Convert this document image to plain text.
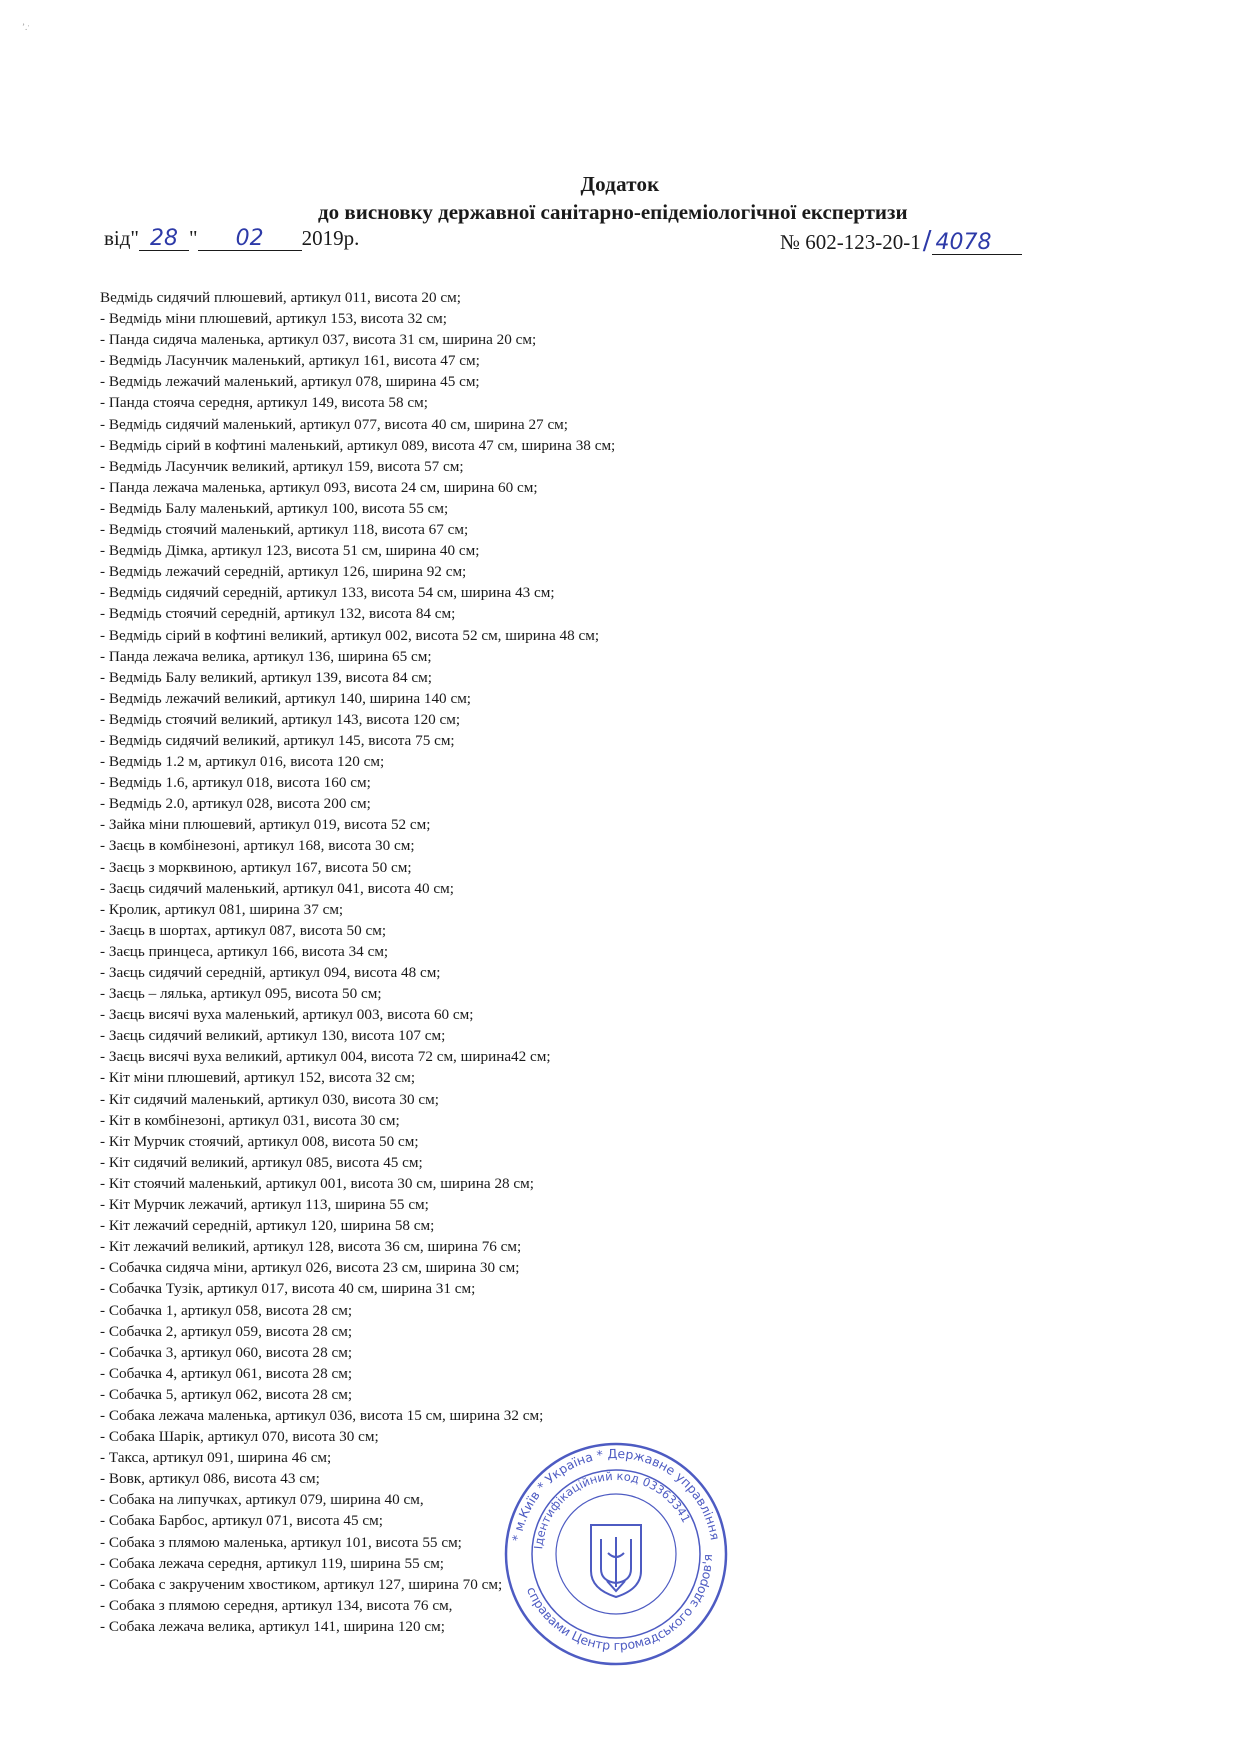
ʼ.ˑ
Додаток
до висновку державної санітарно-епідеміологічної експертизи
від" 28 " 02 2019р.	№ 602-123-20-1/ 4078
Ведмідь сидячий плюшевий, артикул 011, висота 20 см;
- Ведмідь міни плюшевий, артикул 153, висота 32 см;
- Панда сидяча маленька, артикул 037, висота 31 см, ширина 20 см;
- Ведмідь Ласунчик маленький, артикул 161, висота 47 см;
- Ведмідь лежачий маленький, артикул 078, ширина 45 см;
- Панда стояча середня, артикул 149, висота 58 см;
- Ведмідь сидячий маленький, артикул 077, висота 40 см, ширина 27 см;
- Ведмідь сірий в кофтині маленький, артикул 089, висота 47 см, ширина 38 см;
- Ведмідь Ласунчик великий, артикул 159, висота 57 см;
- Панда лежача маленька, артикул 093, висота 24 см, ширина 60 см;
- Ведмідь Балу маленький, артикул 100, висота 55 см;
- Ведмідь стоячий маленький, артикул 118, висота 67 см;
- Ведмідь Дімка, артикул 123, висота 51 см, ширина 40 см;
- Ведмідь лежачий середній, артикул 126, ширина 92 см;
- Ведмідь сидячий середній, артикул 133, висота 54 см, ширина 43 см;
- Ведмідь стоячий середній, артикул 132, висота 84 см;
- Ведмідь сірий в кофтині великий, артикул 002, висота 52 см, ширина 48 см;
- Панда лежача велика, артикул 136, ширина 65 см;
- Ведмідь Балу великий, артикул 139, висота 84 см;
- Ведмідь лежачий великий, артикул 140, ширина 140 см;
- Ведмідь стоячий великий, артикул 143, висота 120 см;
- Ведмідь сидячий великий, артикул 145, висота 75 см;
- Ведмідь 1.2 м, артикул 016, висота 120 см;
- Ведмідь 1.6, артикул 018, висота 160 см;
- Ведмідь 2.0, артикул 028, висота 200 см;
- Зайка міни плюшевий, артикул 019, висота 52 см;
- Заєць в комбінезоні, артикул 168, висота 30 см;
- Заєць з морквиною, артикул 167, висота 50 см;
- Заєць сидячий маленький, артикул 041, висота 40 см;
- Кролик, артикул 081, ширина 37 см;
- Заєць в шортах, артикул 087, висота 50 см;
- Заєць принцеса, артикул 166, висота 34 см;
- Заєць сидячий середній, артикул 094, висота 48 см;
- Заєць – лялька, артикул 095, висота 50 см;
- Заєць висячі вуха маленький, артикул 003, висота 60 см;
- Заєць сидячий великий, артикул 130, висота 107 см;
- Заєць висячі вуха великий, артикул 004, висота 72 см, ширина42 см;
- Кіт міни плюшевий, артикул 152, висота 32 см;
- Кіт сидячий маленький, артикул 030, висота 30 см;
- Кіт в комбінезоні, артикул 031, висота 30 см;
- Кіт Мурчик стоячий, артикул 008, висота 50 см;
- Кіт сидячий великий, артикул 085, висота 45 см;
- Кіт стоячий маленький, артикул 001, висота 30 см, ширина 28 см;
- Кіт Мурчик лежачий, артикул 113, ширина 55 см;
- Кіт лежачий середній, артикул 120, ширина 58 см;
- Кіт лежачий великий, артикул 128, висота 36 см, ширина 76 см;
- Собачка сидяча міни, артикул 026, висота 23 см, ширина 30 см;
- Собачка Тузік, артикул 017, висота 40 см, ширина 31 см;
- Собачка 1, артикул 058, висота 28 см;
- Собачка 2, артикул 059, висота 28 см;
- Собачка 3, артикул 060, висота 28 см;
- Собачка 4, артикул 061, висота 28 см;
- Собачка 5, артикул 062, висота 28 см;
- Собака лежача маленька, артикул 036, висота 15 см, ширина 32 см;
- Собака Шарік, артикул 070, висота 30 см;
- Такса, артикул 091, ширина 46 см;
- Вовк, артикул 086, висота 43 см;
- Собака на липучках, артикул 079, ширина 40 см,
- Собака Барбос, артикул 071, висота 45 см;
- Собака з плямою маленька, артикул 101, висота 55 см;
- Собака лежача середня, артикул 119, ширина 55 см;
- Собака с закрученим хвостиком, артикул 127, ширина 70 см;
- Собака з плямою середня, артикул 134, висота 76 см,
- Собака лежача велика, артикул 141, ширина 120 см;
* м.Київ * Україна * Державне управління
справами Центр громадського здоров'я
Ідентифікаційний код 03363341
